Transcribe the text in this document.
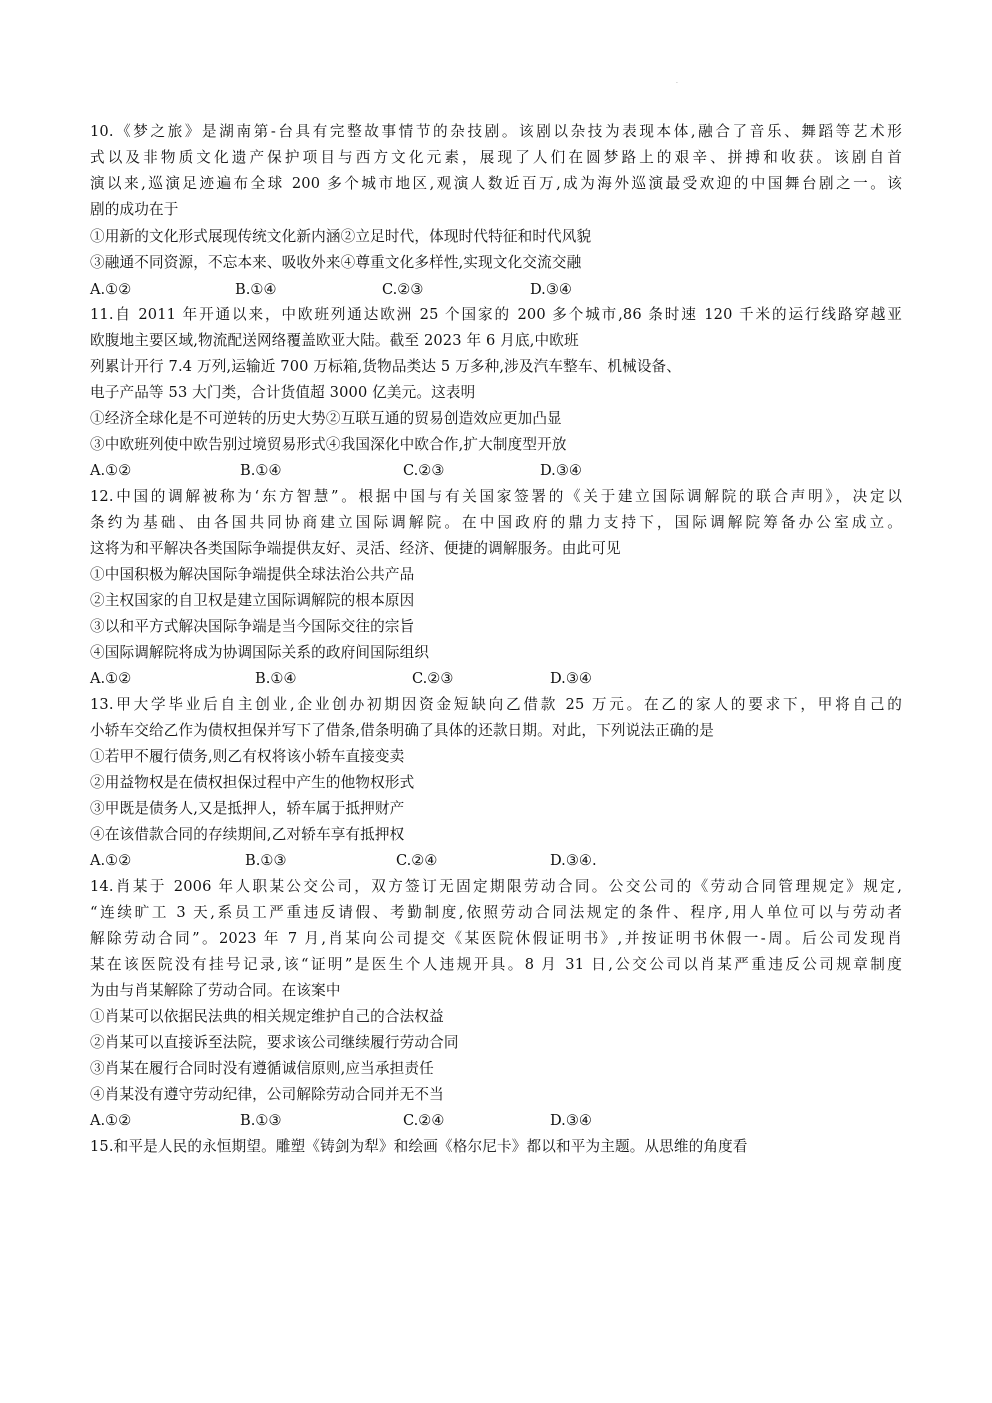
·
10.《梦之旅》是湖南第-台具有完整故事情节的杂技剧。该剧以杂技为表现本体,融合了音乐、舞蹈等艺术形
式以及非物质文化遗产保护项目与西方文化元素，展现了人们在圆梦路上的艰辛、拼搏和收获。该剧自首
演以来,巡演足迹遍布全球 200 多个城市地区,观演人数近百万,成为海外巡演最受欢迎的中国舞台剧之一。该
剧的成功在于
①用新的文化形式展现传统文化新内涵②立足时代，体现时代特征和时代风貌
③融通不同资源，不忘本来、吸收外来④尊重文化多样性,实现文化交流交融
A.①②	B.①④	C.②③	D.③④
11.自 2011 年开通以来，中欧班列通达欧洲 25 个国家的 200 多个城市,86 条时速 120 千米的运行线路穿越亚
欧腹地主要区域,物流配送网络覆盖欧亚大陆。截至 2023 年 6 月底,中欧班
列累计开行 7.4 万列,运输近 700 万标箱,货物品类达 5 万多种,涉及汽车整车、机械设备、
电子产品等 53 大门类，合计货值超 3000 亿美元。这表明
①经济全球化是不可逆转的历史大势②互联互通的贸易创造效应更加凸显
③中欧班列使中欧告别过境贸易形式④我国深化中欧合作,扩大制度型开放
A.①②	B.①④	C.②③	D.③④
12.中国的调解被称为‘东方智慧”。根据中国与有关国家签署的《关于建立国际调解院的联合声明》，决定以
条约为基础、由各国共同协商建立国际调解院。在中国政府的鼎力支持下，国际调解院筹备办公室成立。
这将为和平解决各类国际争端提供友好、灵活、经济、便捷的调解服务。由此可见
①中国积极为解决国际争端提供全球法治公共产品
②主权国家的自卫权是建立国际调解院的根本原因
③以和平方式解决国际争端是当今国际交往的宗旨
④国际调解院将成为协调国际关系的政府间国际组织
A.①②	B.①④	C.②③	D.③④
13.甲大学毕业后自主创业,企业创办初期因资金短缺向乙借款 25 万元。在乙的家人的要求下，甲将自己的
小轿车交给乙作为债权担保并写下了借条,借条明确了具体的还款日期。对此，下列说法正确的是
①若甲不履行债务,则乙有权将该小轿车直接变卖
②用益物权是在债权担保过程中产生的他物权形式
③甲既是债务人,又是抵押人，轿车属于抵押财产
④在该借款合同的存续期间,乙对轿车享有抵押权
A.①②	B.①③	C.②④	D.③④.
14.肖某于 2006 年人职某公交公司，双方签订无固定期限劳动合同。公交公司的《劳动合同管理规定》规定,
“连续旷工 3 天,系员工严重违反请假、考勤制度,依照劳动合同法规定的条件、程序,用人单位可以与劳动者
解除劳动合同”。2023 年 7 月,肖某向公司提交《某医院休假证明书》,并按证明书休假一-周。后公司发现肖
某在该医院没有挂号记录,该“证明”是医生个人违规开具。8 月 31 日,公交公司以肖某严重违反公司规章制度
为由与肖某解除了劳动合同。在该案中
①肖某可以依据民法典的相关规定维护自己的合法权益
②肖某可以直接诉至法院，要求该公司继续履行劳动合同
③肖某在履行合同时没有遵循诚信原则,应当承担责任
④肖某没有遵守劳动纪律，公司解除劳动合同并无不当
A.①②	B.①③	C.②④	D.③④
15.和平是人民的永恒期望。雕塑《铸剑为犁》和绘画《格尔尼卡》都以和平为主题。从思维的角度看
